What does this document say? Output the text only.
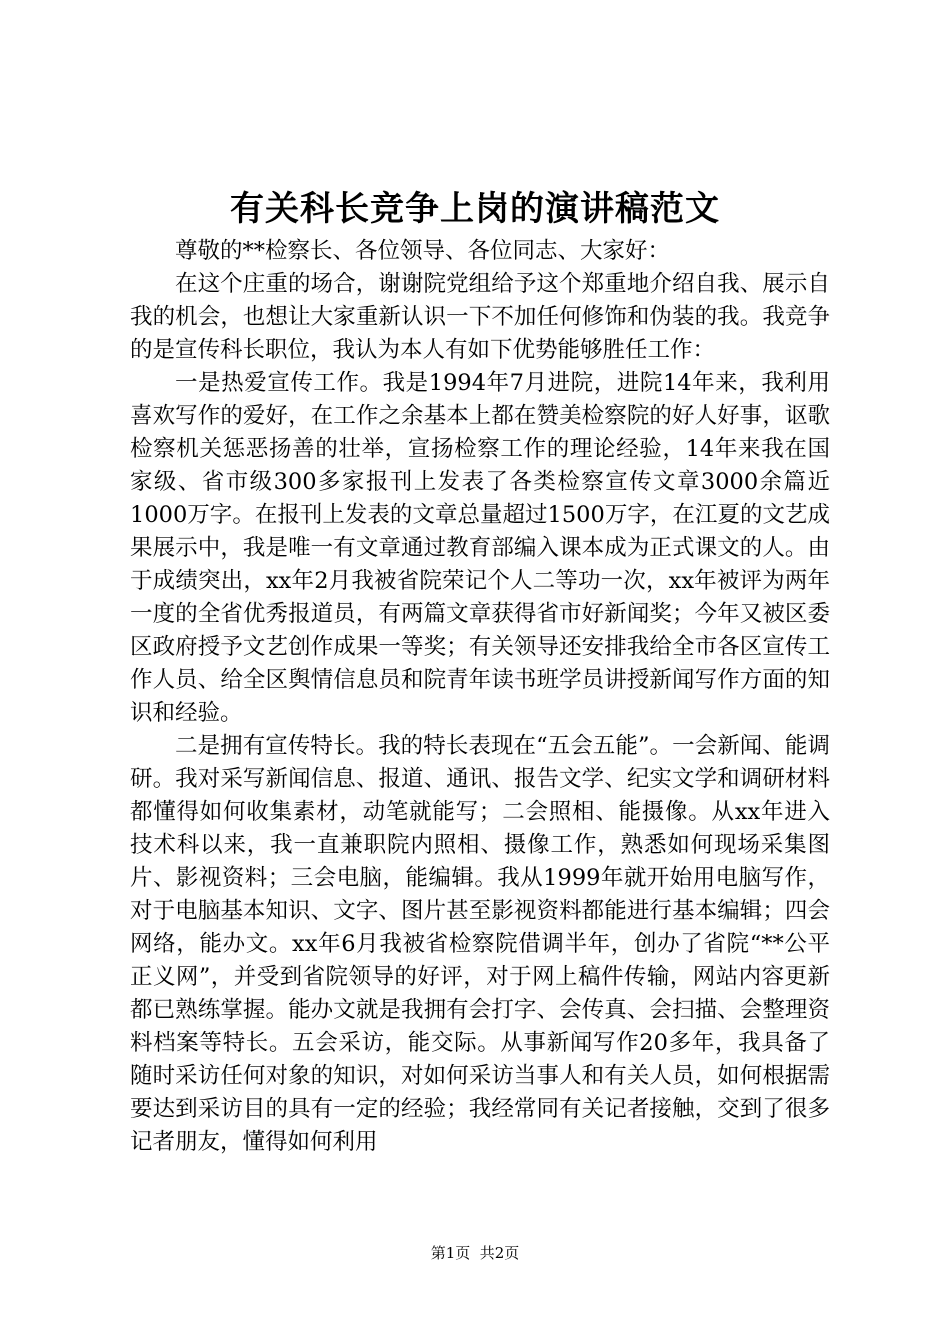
有关科长竞争上岗的演讲稿范文

尊敬的**检察长、各位领导、各位同志、大家好：

在这个庄重的场合，谢谢院党组给予这个郑重地介绍自我、展示自我的机会，也想让大家重新认识一下不加任何修饰和伪装的我。我竞争的是宣传科长职位，我认为本人有如下优势能够胜任工作：

一是热爱宣传工作。我是1994年7月进院，进院14年来，我利用喜欢写作的爱好，在工作之余基本上都在赞美检察院的好人好事，讴歌检察机关惩恶扬善的壮举，宣扬检察工作的理论经验，14年来我在国家级、省市级300多家报刊上发表了各类检察宣传文章3000余篇近1000万字。在报刊上发表的文章总量超过1500万字，在江夏的文艺成果展示中，我是唯一有文章通过教育部编入课本成为正式课文的人。由于成绩突出，xx年2月我被省院荣记个人二等功一次，xx年被评为两年一度的全省优秀报道员，有两篇文章获得省市好新闻奖；今年又被区委区政府授予文艺创作成果一等奖；有关领导还安排我给全市各区宣传工作人员、给全区舆情信息员和院青年读书班学员讲授新闻写作方面的知识和经验。

二是拥有宣传特长。我的特长表现在“五会五能”。一会新闻、能调研。我对采写新闻信息、报道、通讯、报告文学、纪实文学和调研材料都懂得如何收集素材，动笔就能写；二会照相、能摄像。从xx年进入技术科以来，我一直兼职院内照相、摄像工作，熟悉如何现场采集图片、影视资料；三会电脑，能编辑。我从1999年就开始用电脑写作，对于电脑基本知识、文字、图片甚至影视资料都能进行基本编辑；四会网络，能办文。xx年6月我被省检察院借调半年，创办了省院“**公平正义网”，并受到省院领导的好评，对于网上稿件传输，网站内容更新都已熟练掌握。能办文就是我拥有会打字、会传真、会扫描、会整理资料档案等特长。五会采访，能交际。从事新闻写作20多年，我具备了随时采访任何对象的知识，对如何采访当事人和有关人员，如何根据需要达到采访目的具有一定的经验；我经常同有关记者接触，交到了很多记者朋友，懂得如何利用

第1页  共2页
